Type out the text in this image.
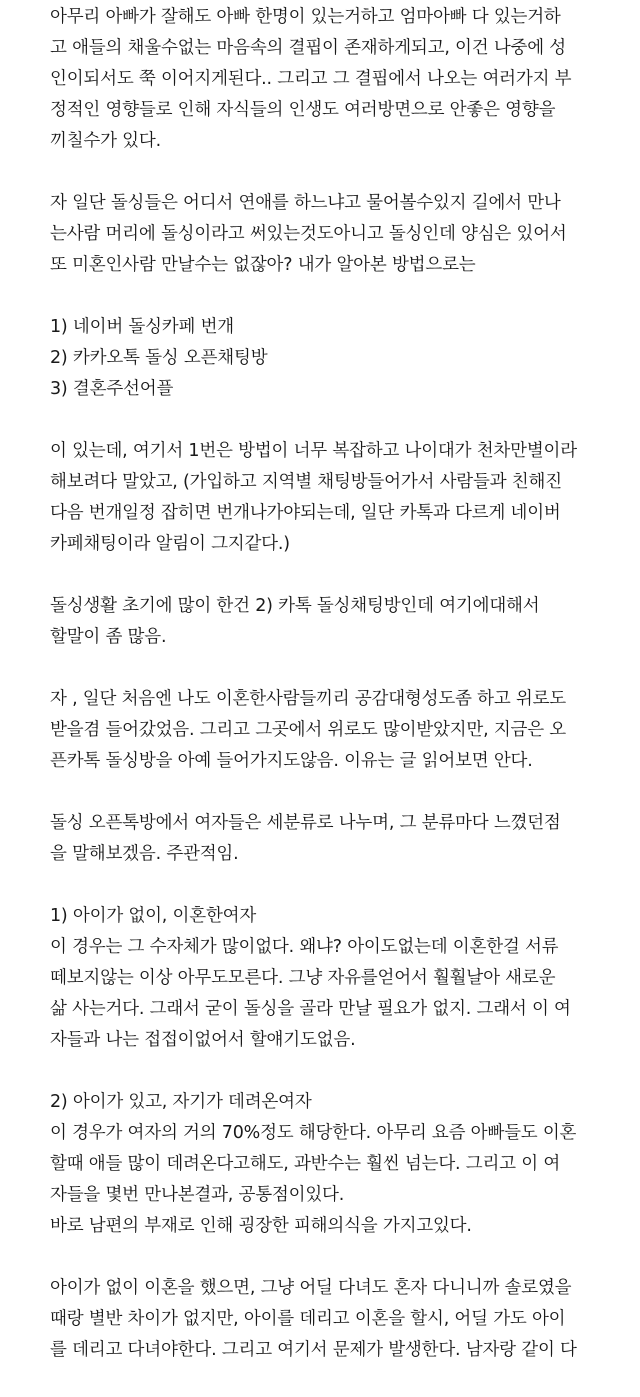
아무리 아빠가 잘해도 아빠 한명이 있는거하고 엄마아빠 다 있는거하
고 애들의 채울수없는 마음속의 결핍이 존재하게되고, 이건 나중에 성
인이되서도 쭉 이어지게된다.. 그리고 그 결핍에서 나오는 여러가지 부
정적인 영향들로 인해 자식들의 인생도 여러방면으로 안좋은 영향을
끼칠수가 있다.

자 일단 돌싱들은 어디서 연애를 하느냐고 물어볼수있지 길에서 만나
는사람 머리에 돌싱이라고 써있는것도아니고 돌싱인데 양심은 있어서
또 미혼인사람 만날수는 없잖아? 내가 알아본 방법으로는

1) 네이버 돌싱카페 번개
2) 카카오톡 돌싱 오픈채팅방
3) 결혼주선어플

이 있는데, 여기서 1번은 방법이 너무 복잡하고 나이대가 천차만별이라
해보려다 말았고, (가입하고 지역별 채팅방들어가서 사람들과 친해진
다음 번개일정 잡히면 번개나가야되는데, 일단 카톡과 다르게 네이버
카페채팅이라 알림이 그지같다.)

돌싱생활 초기에 많이 한건 2) 카톡 돌싱채팅방인데 여기에대해서
할말이 좀 많음.

자 , 일단 처음엔 나도 이혼한사람들끼리 공감대형성도좀 하고 위로도
받을겸 들어갔었음. 그리고 그곳에서 위로도 많이받았지만, 지금은 오
픈카톡 돌싱방을 아예 들어가지도않음. 이유는 글 읽어보면 안다.

돌싱 오픈톡방에서 여자들은 세분류로 나누며, 그 분류마다 느꼈던점
을 말해보겠음. 주관적임.

1) 아이가 없이, 이혼한여자
이 경우는 그 수자체가 많이없다. 왜냐? 아이도없는데 이혼한걸 서류
떼보지않는 이상 아무도모른다. 그냥 자유를얻어서 훨훨날아 새로운
삶 사는거다. 그래서 굳이 돌싱을 골라 만날 필요가 없지. 그래서 이 여
자들과 나는 접접이없어서 할얘기도없음.

2) 아이가 있고, 자기가 데려온여자
이 경우가 여자의 거의 70%정도 해당한다. 아무리 요즘 아빠들도 이혼
할때 애들 많이 데려온다고해도, 과반수는 훨씬 넘는다. 그리고 이 여
자들을 몇번 만나본결과, 공통점이있다.
바로 남편의 부재로 인해 굉장한 피해의식을 가지고있다.

아이가 없이 이혼을 했으면, 그냥 어딜 다녀도 혼자 다니니까 솔로였을
때랑 별반 차이가 없지만, 아이를 데리고 이혼을 할시, 어딜 가도 아이
를 데리고 다녀야한다. 그리고 여기서 문제가 발생한다. 남자랑 같이 다
